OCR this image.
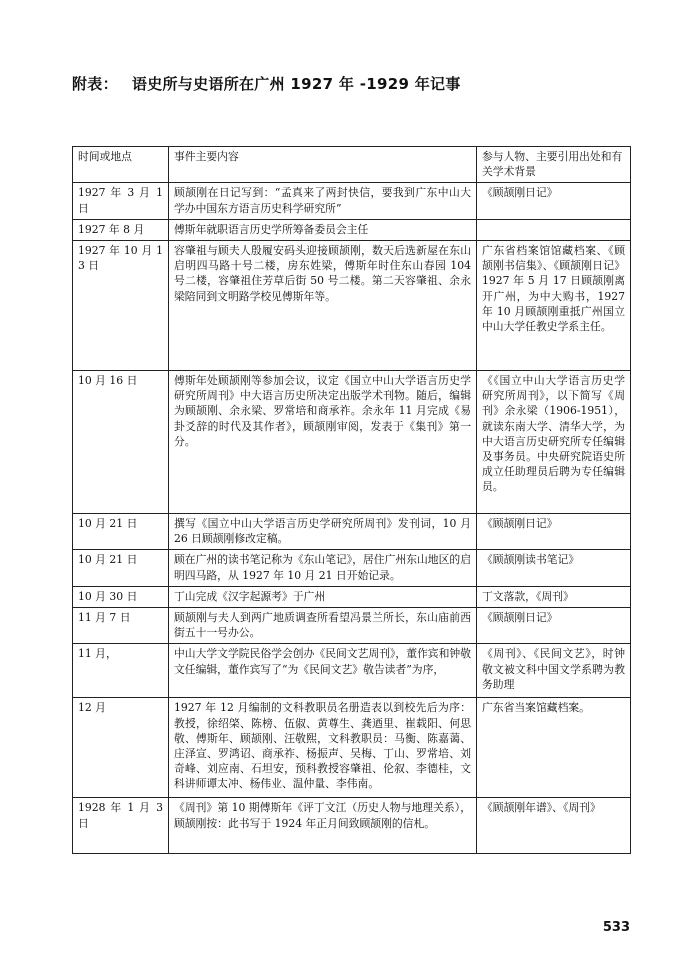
附表： 语史所与史语所在广州 1927 年 -1929 年记事
时间或地点	事件主要内容	参与人物、主要引用出处和有关学术背景
1927 年 3 月 1 日	顾颉刚在日记写到：“孟真来了两封快信，要我到广东中山大学办中国东方语言历史科学研究所”	《顾颉刚日记》
1927 年 8 月	傅斯年就职语言历史学所筹备委员会主任	
1927 年 10 月 13 日	容肇祖与顾夫人殷履安码头迎接顾颉刚，数天后选新屋在东山启明四马路十号二楼，房东姓梁，傅斯年时住东山春园 104 号二楼，容肇祖住芳草后街 50 号二楼。第二天容肇祖、余永梁陪同到文明路学校见傅斯年等。	广东省档案馆馆藏档案、《顾颉刚书信集》、《顾颉刚日记》1927 年 5 月 17 日顾颉刚离开广州，为中大购书，1927 年 10 月顾颉刚重抵广州国立中山大学任教史学系主任。
10 月 16 日	傅斯年处顾颉刚等参加会议，议定《国立中山大学语言历史学研究所周刊》中大语言历史所决定出版学术刊物。随后，编辑为顾颉刚、余永梁、罗常培和商承祚。余永年 11 月完成《易卦爻辞的时代及其作者》，顾颉刚审阅，发表于《集刊》第一分。	《《国立中山大学语言历史学研究所周刊》，以下简写《周刊》余永梁（1906-1951），就读东南大学、清华大学，为中大语言历史研究所专任编辑及事务员。中央研究院语史所成立任助理员后聘为专任编辑员。
10 月 21 日	撰写《国立中山大学语言历史学研究所周刊》发刊词，10 月 26 日顾颉刚修改定稿。	《顾颉刚日记》
10 月 21 日	顾在广州的读书笔记称为《东山笔记》，居住广州东山地区的启明四马路，从 1927 年 10 月 21 日开始记录。	《顾颉刚读书笔记》
10 月 30 日	丁山完成《汉字起源考》于广州	丁文落款，《周刊》
11 月 7 日	顾颉刚与夫人到两广地质调查所看望冯景兰所长，东山庙前西街五十一号办公。	《顾颉刚日记》
11 月，	中山大学文学院民俗学会创办《民间文艺周刊》，董作宾和钟敬文任编辑，董作宾写了“为《民间文艺》敬告读者”为序，	《周刊》、《民间文艺》，时钟敬文被文科中国文学系聘为教务助理
12 月	1927 年 12 月编制的文科教职员名册造表以到校先后为序：教授，徐绍棨、陈榜、伍俶、黄尊生、龚迺里、崔载阳、何思敬、傅斯年、顾颉刚、汪敬熙，文科教职员：马衡、陈嘉蔼、庄泽宣、罗鸿诏、商承祚、杨振声、吴梅、丁山、罗常培、刘奇峰、刘应南、石坦安，预科教授容肇祖、伦叙、李德桂，文科讲师谭太冲、杨伟业、温仲量、李伟南。	广东省当案馆藏档案。
1928 年 1 月 3 日	《周刊》第 10 期傅斯年《评丁文江（历史人物与地理关系），顾颉刚按：此书写于 1924 年正月间致顾颉刚的信札。	《顾颉刚年谱》、《周刊》
533
